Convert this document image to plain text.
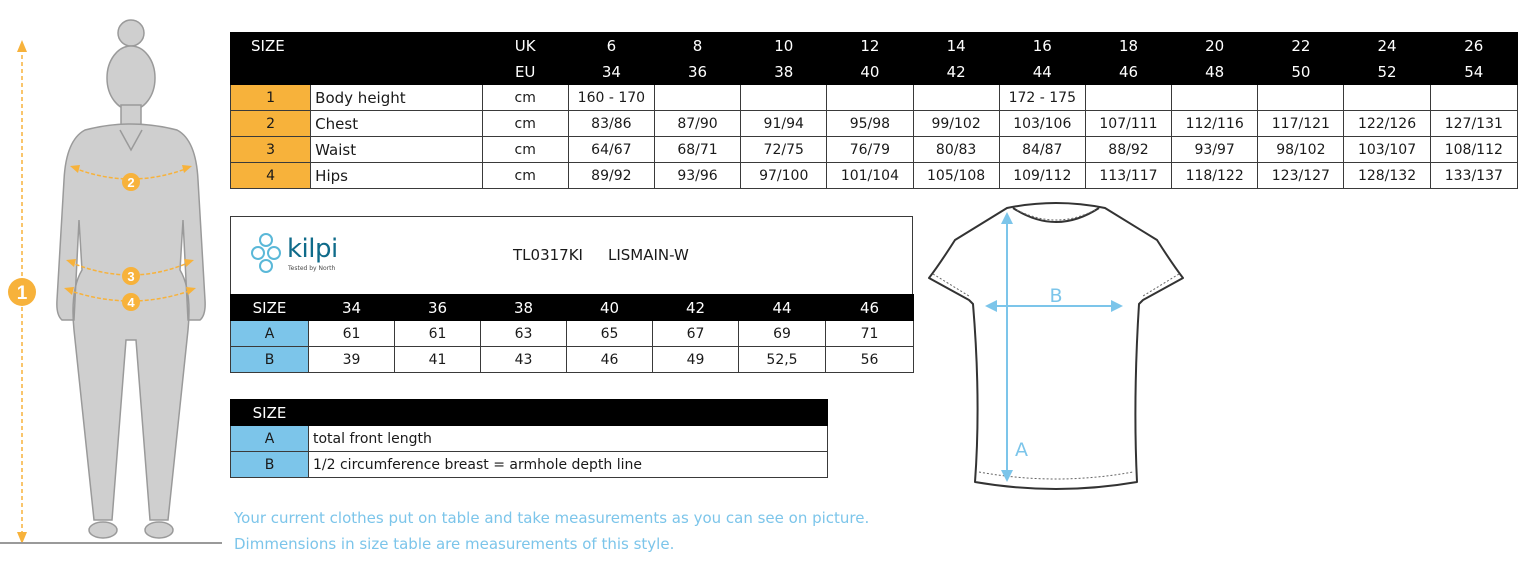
1
2
3
4
SIZE		UK	6	8	10	12	14	16	18	20	22	24	26
		EU	34	36	38	40	42	44	46	48	50	52	54
1	Body height	cm	160 - 170					172 - 175					
2	Chest	cm	83/86	87/90	91/94	95/98	99/102	103/106	107/111	112/116	117/121	122/126	127/131
3	Waist	cm	64/67	68/71	72/75	76/79	80/83	84/87	88/92	93/97	98/102	103/107	108/112
4	Hips	cm	89/92	93/96	97/100	101/104	105/108	109/112	113/117	118/122	123/127	128/132	133/137
kilpi
Tested by North
TL0317KI LISMAIN-W
SIZE	34	36	38	40	42	44	46
A	61	61	63	65	67	69	71
B	39	41	43	46	49	52,5	56
SIZE	
A	total front length
B	1/2 circumference breast = armhole depth line
B
A
Your current clothes put on table and take measurements as you can see on picture.
Dimmensions in size table are measurements of this style.
